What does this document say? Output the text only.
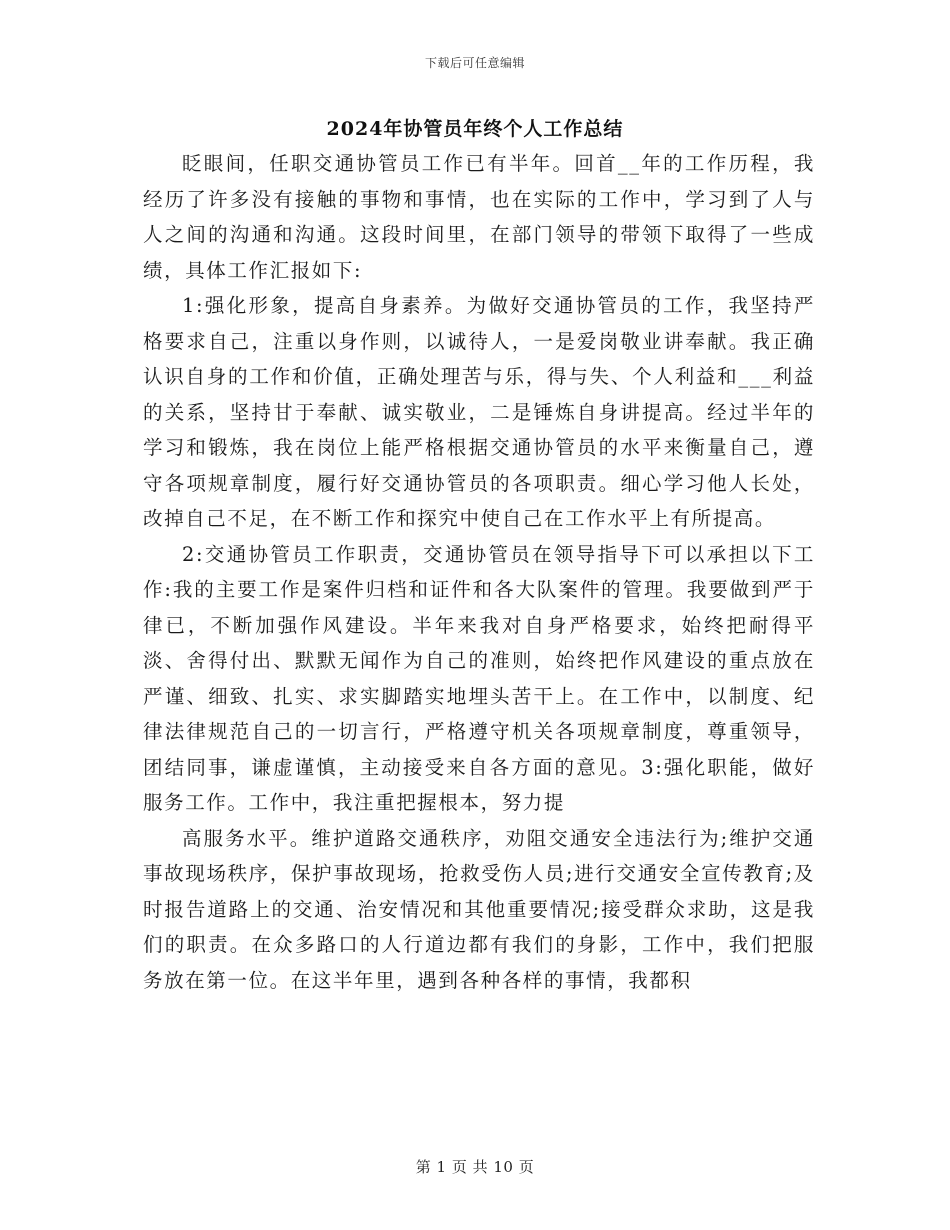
下载后可任意编辑
2024年协管员年终个人工作总结

眨眼间，任职交通协管员工作已有半年。回首__年的工作历程，我经历了许多没有接触的事物和事情，也在实际的工作中，学习到了人与人之间的沟通和沟通。这段时间里，在部门领导的带领下取得了一些成绩，具体工作汇报如下:

1:强化形象，提高自身素养。为做好交通协管员的工作，我坚持严格要求自己，注重以身作则，以诚待人，一是爱岗敬业讲奉献。我正确认识自身的工作和价值，正确处理苦与乐，得与失、个人利益和___利益的关系，坚持甘于奉献、诚实敬业，二是锤炼自身讲提高。经过半年的学习和锻炼，我在岗位上能严格根据交通协管员的水平来衡量自己，遵守各项规章制度，履行好交通协管员的各项职责。细心学习他人长处，改掉自己不足，在不断工作和探究中使自己在工作水平上有所提高。

2:交通协管员工作职责，交通协管员在领导指导下可以承担以下工作:我的主要工作是案件归档和证件和各大队案件的管理。我要做到严于律已，不断加强作风建设。半年来我对自身严格要求，始终把耐得平淡、舍得付出、默默无闻作为自己的准则，始终把作风建设的重点放在严谨、细致、扎实、求实脚踏实地埋头苦干上。在工作中，以制度、纪律法律规范自己的一切言行，严格遵守机关各项规章制度，尊重领导，团结同事，谦虚谨慎，主动接受来自各方面的意见。3:强化职能，做好服务工作。工作中，我注重把握根本，努力提

高服务水平。维护道路交通秩序，劝阻交通安全违法行为;维护交通事故现场秩序，保护事故现场，抢救受伤人员;进行交通安全宣传教育;及时报告道路上的交通、治安情况和其他重要情况;接受群众求助，这是我们的职责。在众多路口的人行道边都有我们的身影，工作中，我们把服务放在第一位。在这半年里，遇到各种各样的事情，我都积

第 1 页 共 10 页
